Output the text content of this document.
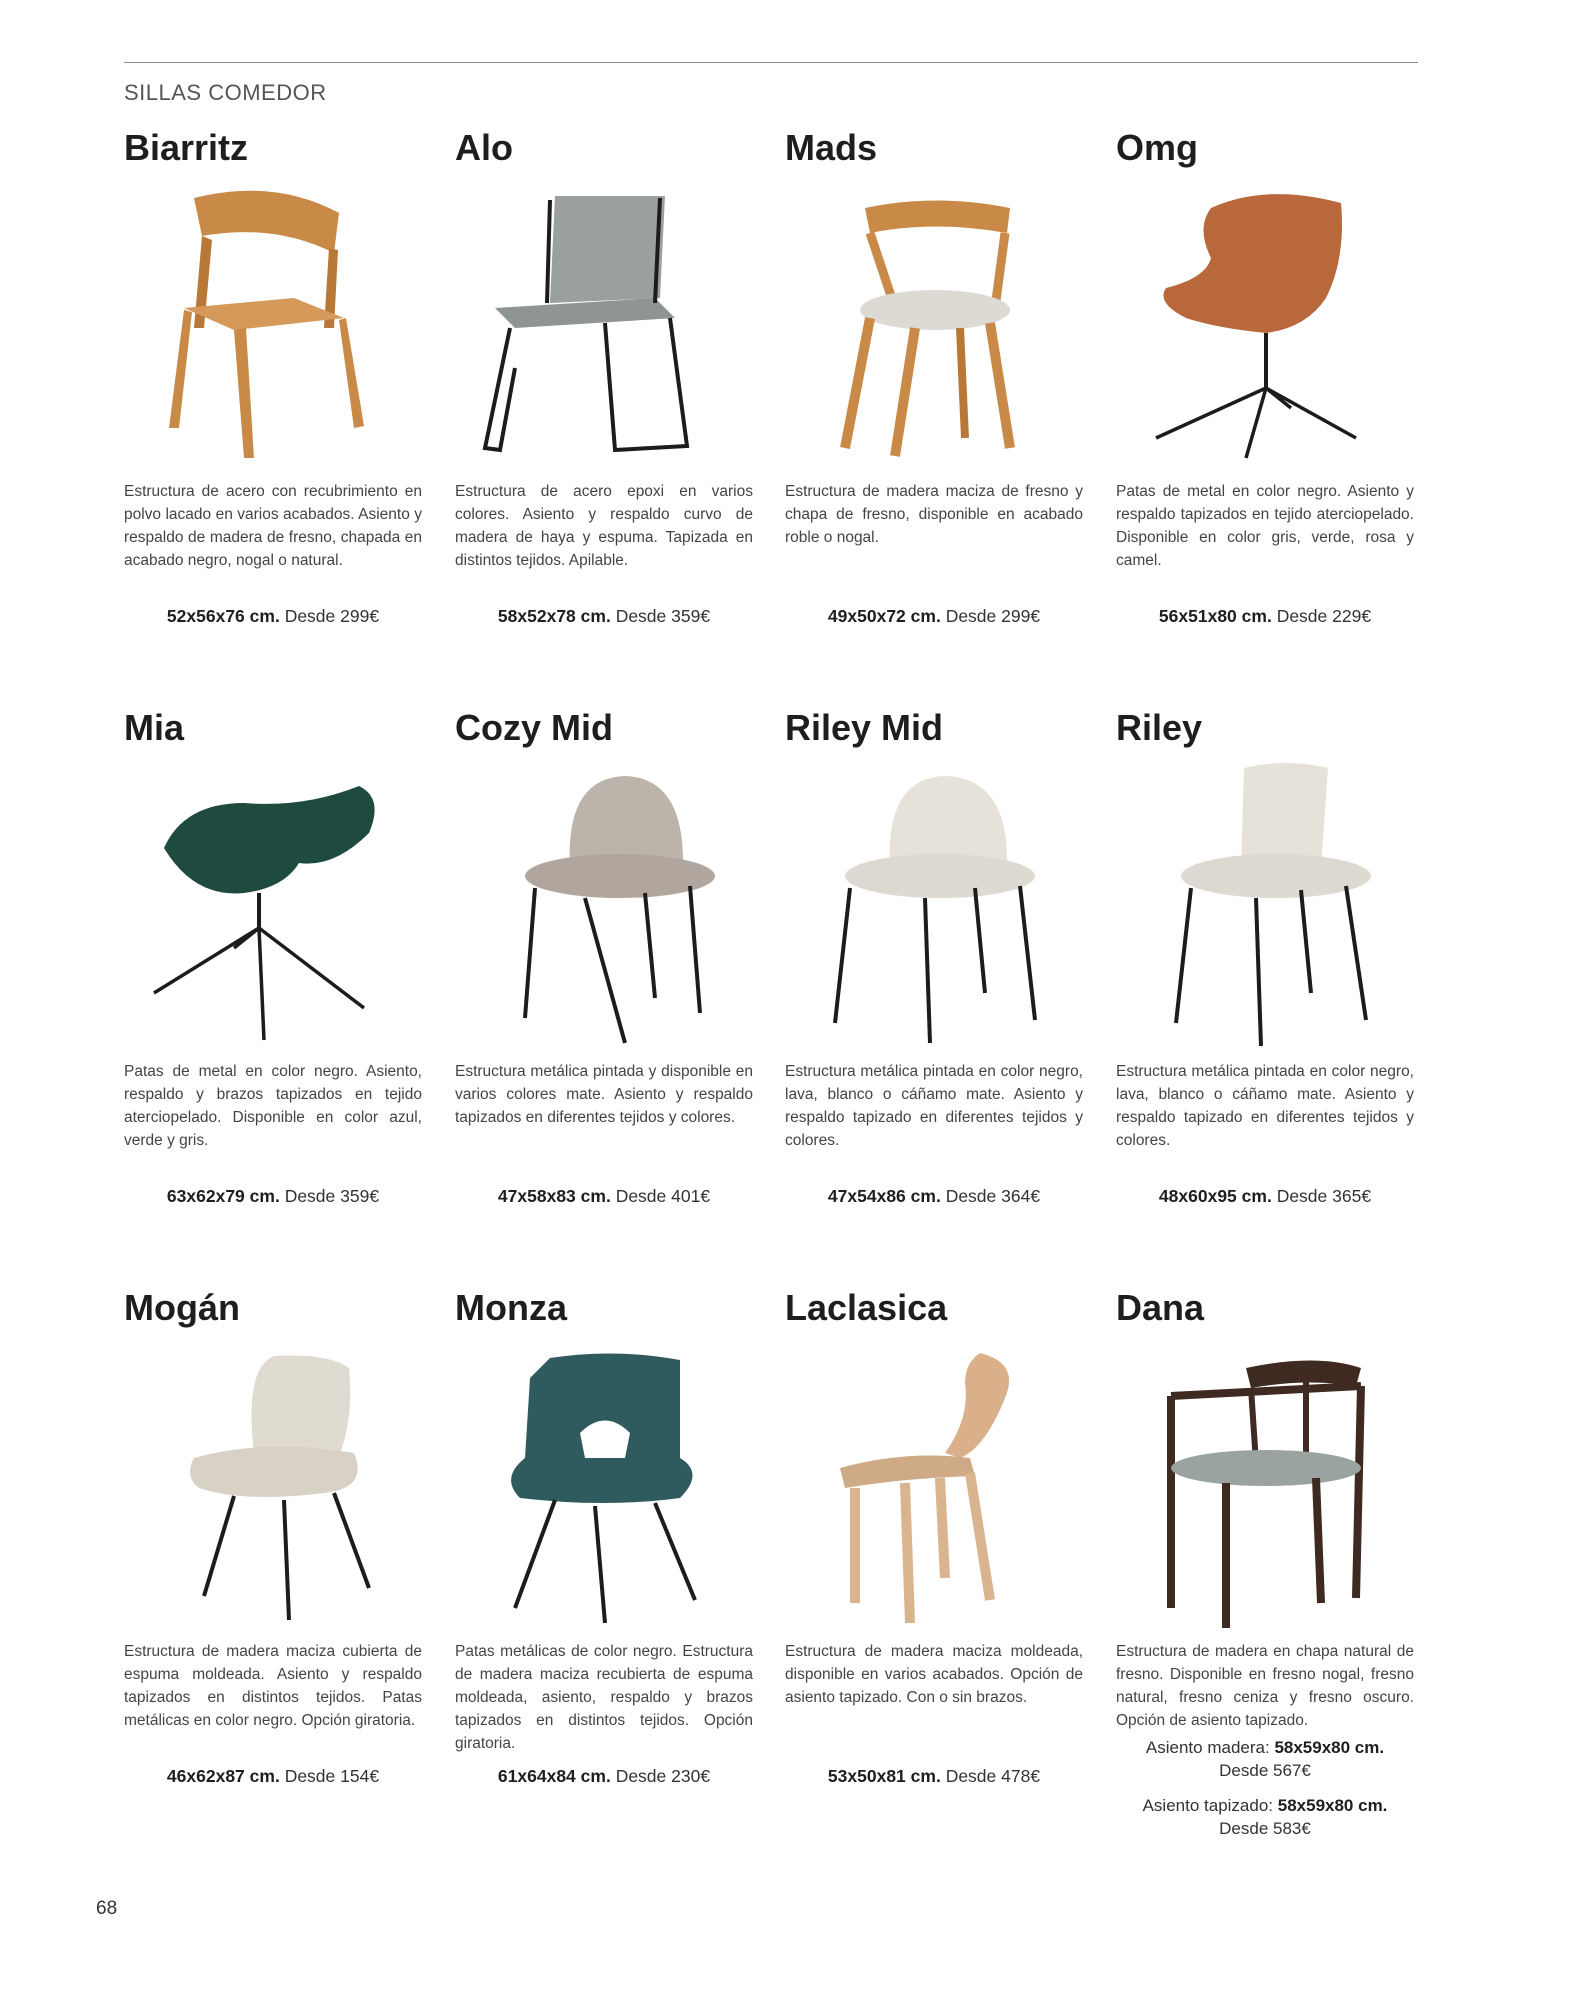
SILLAS COMEDOR
Biarritz
Estructura de acero con recubrimiento en polvo lacado en varios acabados. Asiento y respaldo de madera de fresno, chapada en acabado negro, nogal o natural.
52x56x76 cm. Desde 299€
Alo
Estructura de acero epoxi en varios colores. Asiento y respaldo curvo de madera de haya y espuma. Tapizada en distintos tejidos. Apilable.
58x52x78 cm. Desde 359€
Mads
Estructura de madera maciza de fresno y chapa de fresno, disponible en acabado roble o nogal.
49x50x72 cm. Desde 299€
Omg
Patas de metal en color negro. Asiento y respaldo tapizados en tejido aterciopelado. Disponible en color gris, verde, rosa y camel.
56x51x80 cm. Desde 229€
Mia
Patas de metal en color negro. Asiento, respaldo y brazos tapizados en tejido aterciopelado. Disponible en color azul, verde y gris.
63x62x79 cm. Desde 359€
Cozy Mid
Estructura metálica pintada y disponible en varios colores mate. Asiento y respaldo tapizados en diferentes tejidos y colores.
47x58x83 cm. Desde 401€
Riley Mid
Estructura metálica pintada en color negro, lava, blanco o cáñamo mate. Asiento y respaldo tapizado en diferentes tejidos y colores.
47x54x86 cm. Desde 364€
Riley
Estructura metálica pintada en color negro, lava, blanco o cáñamo mate. Asiento y respaldo tapizado en diferentes tejidos y colores.
48x60x95 cm. Desde 365€
Mogán
Estructura de madera maciza cubierta de espuma moldeada. Asiento y respaldo tapizados en distintos tejidos. Patas metálicas en color negro. Opción giratoria.
46x62x87 cm. Desde 154€
Monza
Patas metálicas de color negro. Estructura de madera maciza recubierta de espuma moldeada, asiento, respaldo y brazos tapizados en distintos tejidos. Opción giratoria.
61x64x84 cm. Desde 230€
Laclasica
Estructura de madera maciza moldeada, disponible en varios acabados. Opción de asiento tapizado. Con o sin brazos.
53x50x81 cm. Desde 478€
Dana
Estructura de madera en chapa natural de fresno. Disponible en fresno nogal, fresno natural, fresno ceniza y fresno oscuro. Opción de asiento tapizado.
Asiento madera: 58x59x80 cm.
Desde 567€
Asiento tapizado: 58x59x80 cm.
Desde 583€
68
